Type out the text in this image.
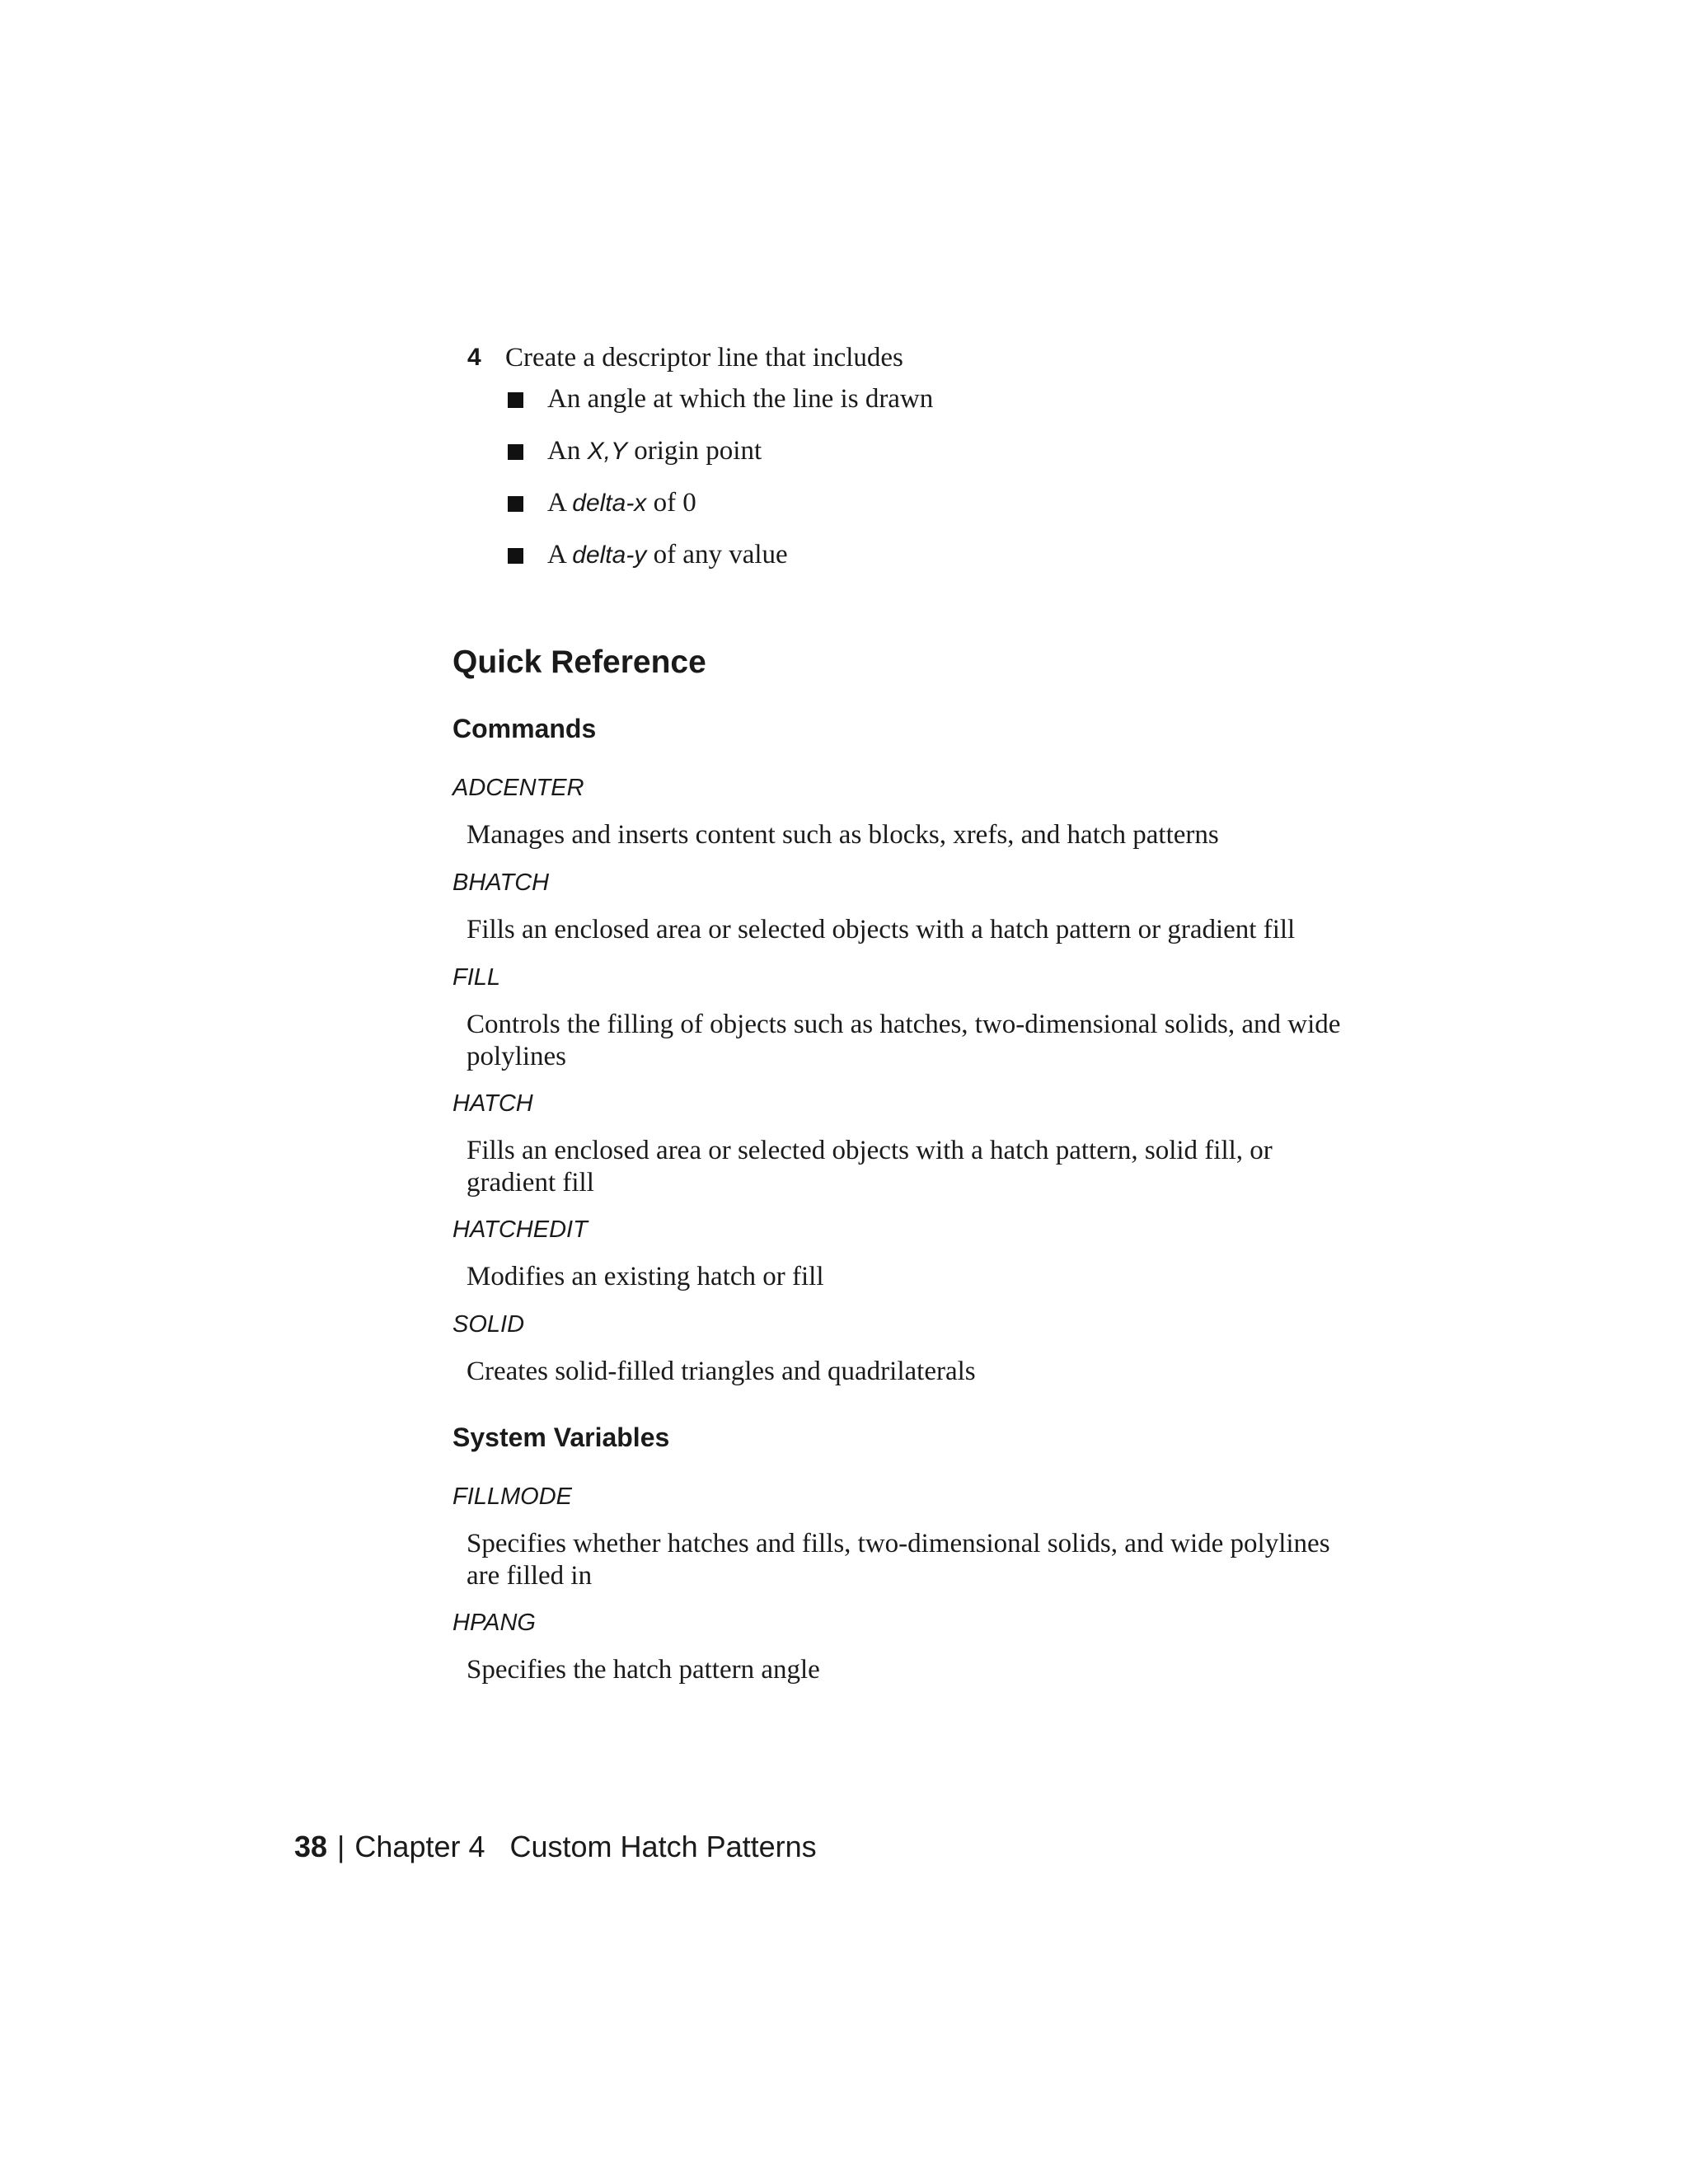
4 Create a descriptor line that includes
An angle at which the line is drawn
An X,Y origin point
A delta-x of 0
A delta-y of any value
Quick Reference
Commands
ADCENTER
Manages and inserts content such as blocks, xrefs, and hatch patterns
BHATCH
Fills an enclosed area or selected objects with a hatch pattern or gradient fill
FILL
Controls the filling of objects such as hatches, two-dimensional solids, and wide polylines
HATCH
Fills an enclosed area or selected objects with a hatch pattern, solid fill, or gradient fill
HATCHEDIT
Modifies an existing hatch or fill
SOLID
Creates solid-filled triangles and quadrilaterals
System Variables
FILLMODE
Specifies whether hatches and fills, two-dimensional solids, and wide polylines are filled in
HPANG
Specifies the hatch pattern angle
38 | Chapter 4 Custom Hatch Patterns
